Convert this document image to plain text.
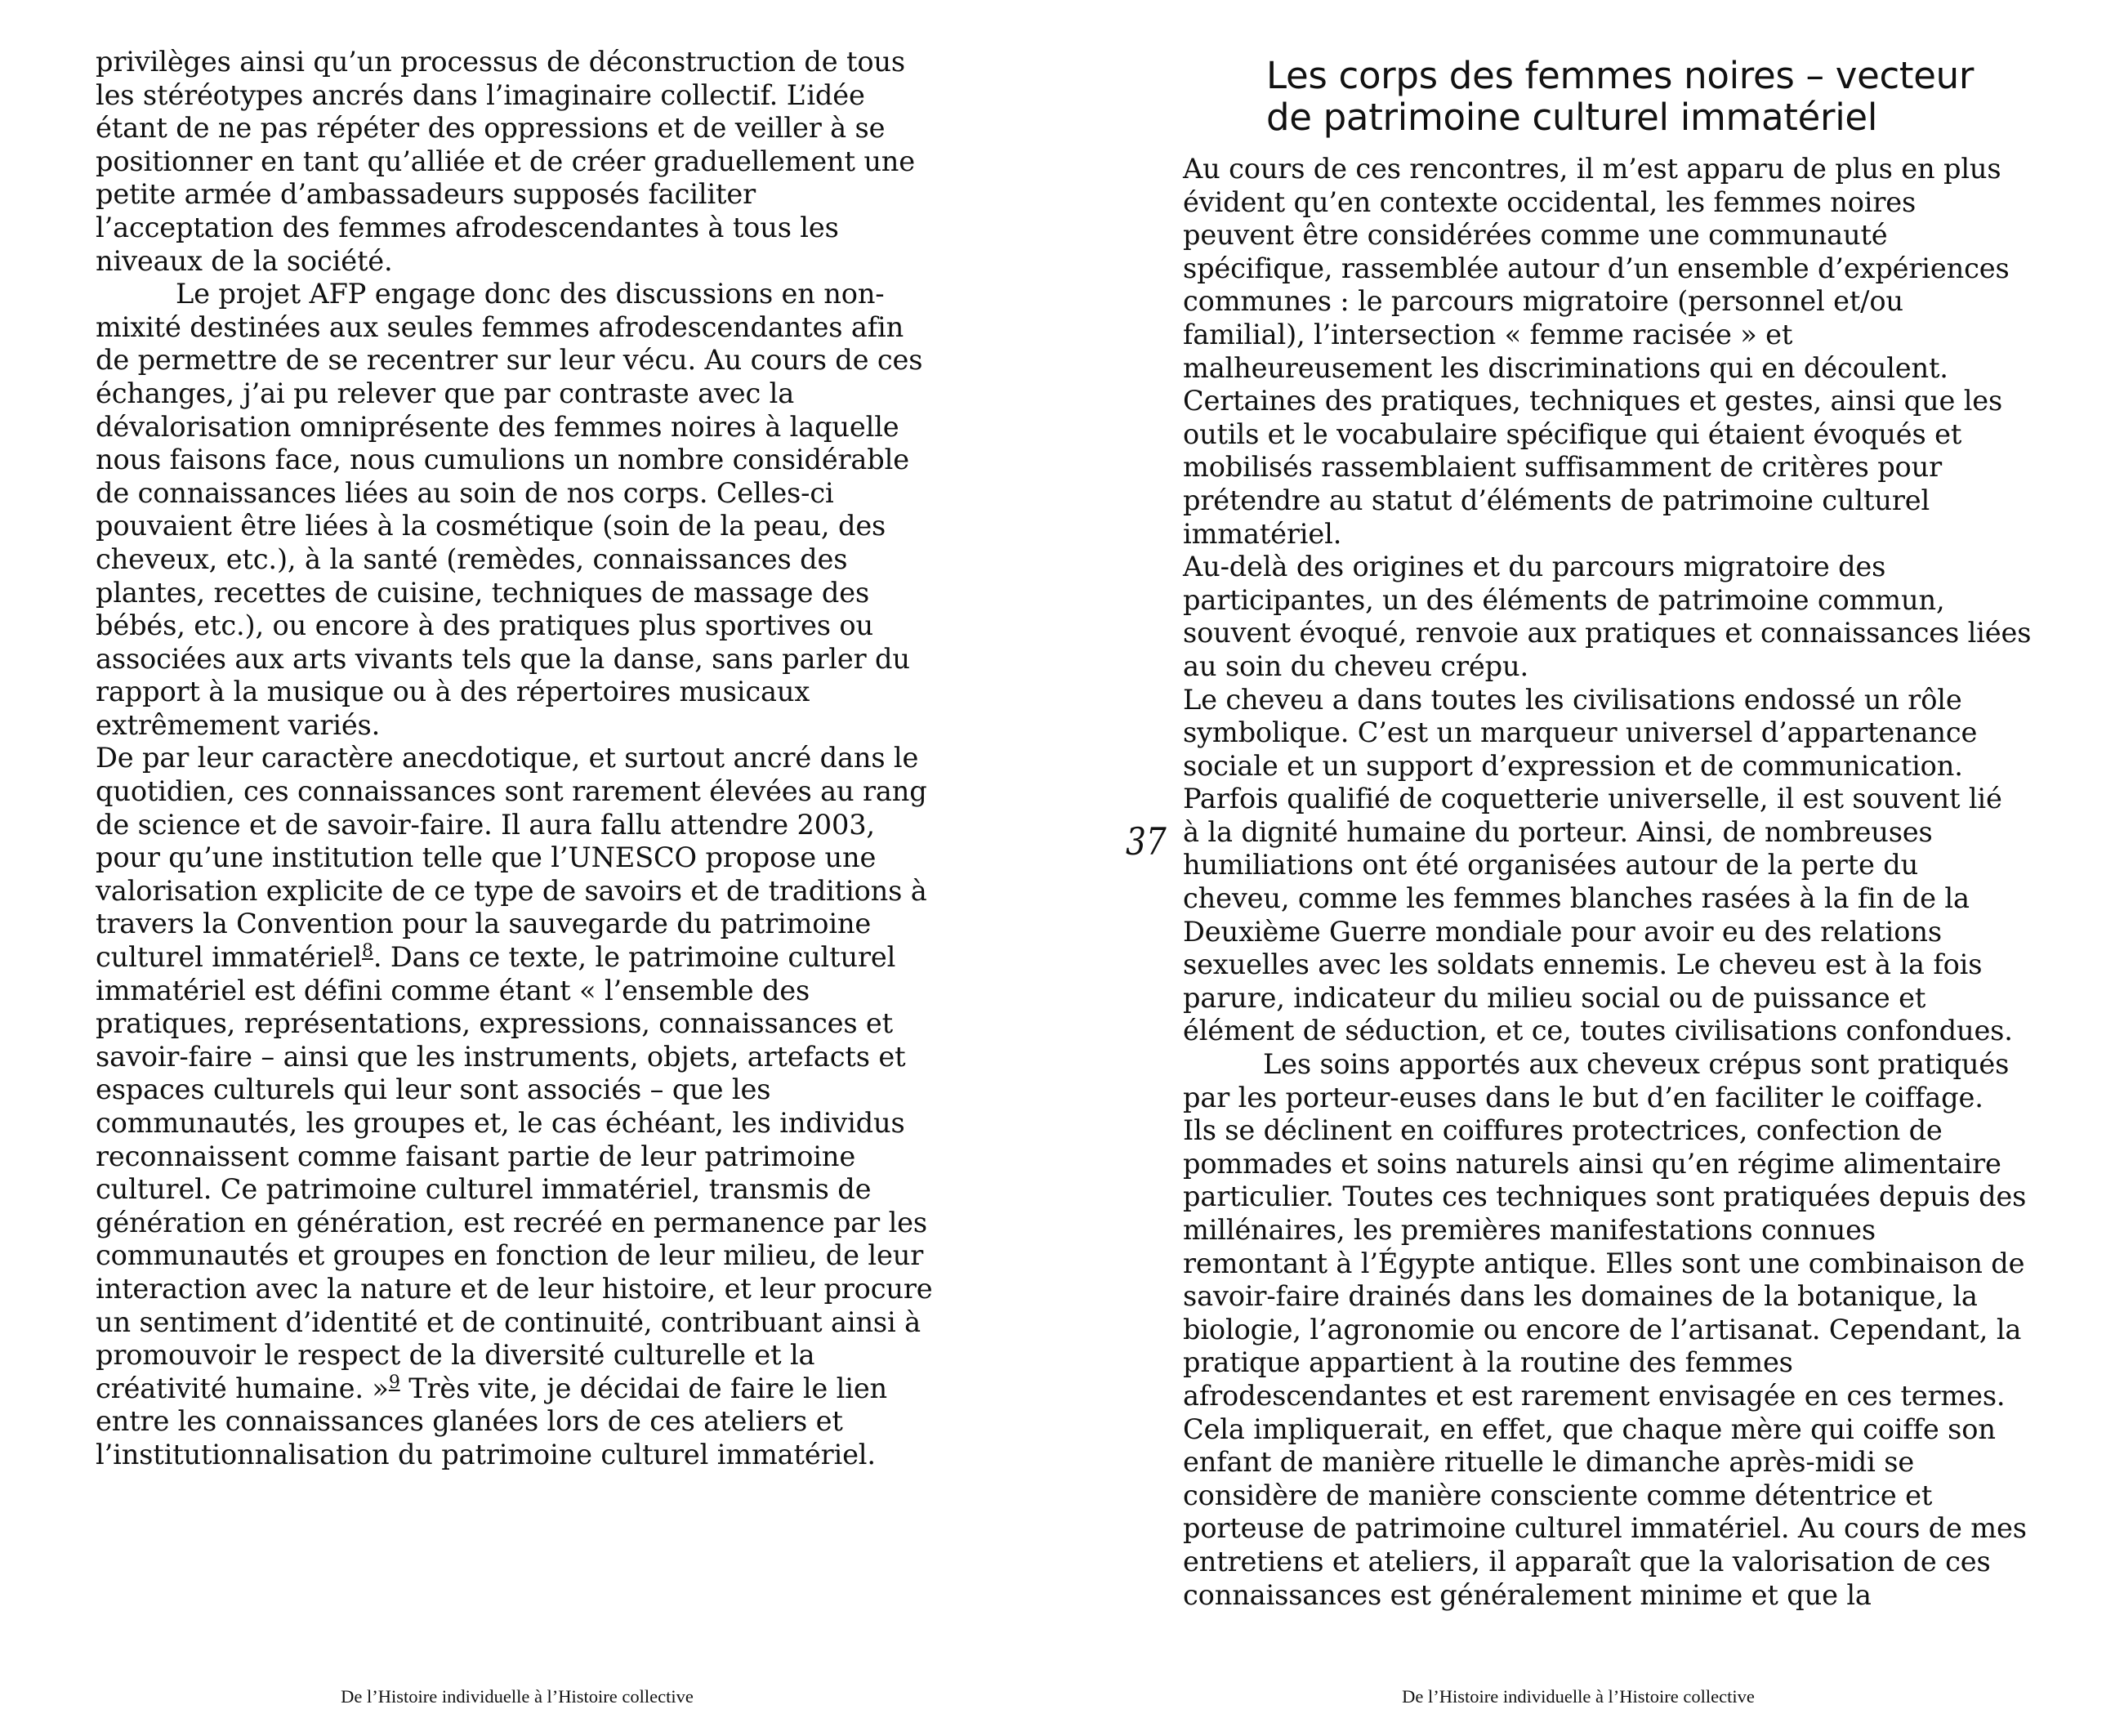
privilèges ainsi qu’un processus de déconstruction de tous
les stéréotypes ancrés dans l’imaginaire collectif. L’idée
étant de ne pas répéter des oppressions et de veiller à se
positionner en tant qu’alliée et de créer graduellement une
petite armée d’ambassadeurs supposés faciliter
l’acceptation des femmes afrodescendantes à tous les
niveaux de la société.
Le projet AFP engage donc des discussions en non-
mixité destinées aux seules femmes afrodescendantes afin
de permettre de se recentrer sur leur vécu. Au cours de ces
échanges, j’ai pu relever que par contraste avec la
dévalorisation omniprésente des femmes noires à laquelle
nous faisons face, nous cumulions un nombre considérable
de connaissances liées au soin de nos corps. Celles-ci
pouvaient être liées à la cosmétique (soin de la peau, des
cheveux, etc.), à la santé (remèdes, connaissances des
plantes, recettes de cuisine, techniques de massage des
bébés, etc.), ou encore à des pratiques plus sportives ou
associées aux arts vivants tels que la danse, sans parler du
rapport à la musique ou à des répertoires musicaux
extrêmement variés.
De par leur caractère anecdotique, et surtout ancré dans le
quotidien, ces connaissances sont rarement élevées au rang
de science et de savoir-faire. Il aura fallu attendre 2003,
pour qu’une institution telle que l’UNESCO propose une
valorisation explicite de ce type de savoirs et de traditions à
travers la Convention pour la sauvegarde du patrimoine
culturel immatériel$^8$. Dans ce texte, le patrimoine culturel
immatériel est défini comme étant « l’ensemble des
pratiques, représentations, expressions, connaissances et
savoir-faire – ainsi que les instruments, objets, artefacts et
espaces culturels qui leur sont associés – que les
communautés, les groupes et, le cas échéant, les individus
reconnaissent comme faisant partie de leur patrimoine
culturel. Ce patrimoine culturel immatériel, transmis de
génération en génération, est recréé en permanence par les
communautés et groupes en fonction de leur milieu, de leur
interaction avec la nature et de leur histoire, et leur procure
un sentiment d’identité et de continuité, contribuant ainsi à
promouvoir le respect de la diversité culturelle et la
créativité humaine. »$^9$ Très vite, je décidai de faire le lien
entre les connaissances glanées lors de ces ateliers et
l’institutionnalisation du patrimoine culturel immatériel.
De l’Histoire individuelle à l’Histoire collective
37
Les corps des femmes noires – vecteur
de patrimoine culturel immatériel
Au cours de ces rencontres, il m’est apparu de plus en plus
évident qu’en contexte occidental, les femmes noires
peuvent être considérées comme une communauté
spécifique, rassemblée autour d’un ensemble d’expériences
communes : le parcours migratoire (personnel et/ou
familial), l’intersection « femme racisée » et
malheureusement les discriminations qui en découlent.
Certaines des pratiques, techniques et gestes, ainsi que les
outils et le vocabulaire spécifique qui étaient évoqués et
mobilisés rassemblaient suffisamment de critères pour
prétendre au statut d’éléments de patrimoine culturel
immatériel.
Au-delà des origines et du parcours migratoire des
participantes, un des éléments de patrimoine commun,
souvent évoqué, renvoie aux pratiques et connaissances liées
au soin du cheveu crépu.
Le cheveu a dans toutes les civilisations endossé un rôle
symbolique. C’est un marqueur universel d’appartenance
sociale et un support d’expression et de communication.
Parfois qualifié de coquetterie universelle, il est souvent lié
à la dignité humaine du porteur. Ainsi, de nombreuses
humiliations ont été organisées autour de la perte du
cheveu, comme les femmes blanches rasées à la fin de la
Deuxième Guerre mondiale pour avoir eu des relations
sexuelles avec les soldats ennemis. Le cheveu est à la fois
parure, indicateur du milieu social ou de puissance et
élément de séduction, et ce, toutes civilisations confondues.
Les soins apportés aux cheveux crépus sont pratiqués
par les porteur-euses dans le but d’en faciliter le coiffage.
Ils se déclinent en coiffures protectrices, confection de
pommades et soins naturels ainsi qu’en régime alimentaire
particulier. Toutes ces techniques sont pratiquées depuis des
millénaires, les premières manifestations connues
remontant à l’Égypte antique. Elles sont une combinaison de
savoir-faire drainés dans les domaines de la botanique, la
biologie, l’agronomie ou encore de l’artisanat. Cependant, la
pratique appartient à la routine des femmes
afrodescendantes et est rarement envisagée en ces termes.
Cela impliquerait, en effet, que chaque mère qui coiffe son
enfant de manière rituelle le dimanche après-midi se
considère de manière consciente comme détentrice et
porteuse de patrimoine culturel immatériel. Au cours de mes
entretiens et ateliers, il apparaît que la valorisation de ces
connaissances est généralement minime et que la
De l’Histoire individuelle à l’Histoire collective
